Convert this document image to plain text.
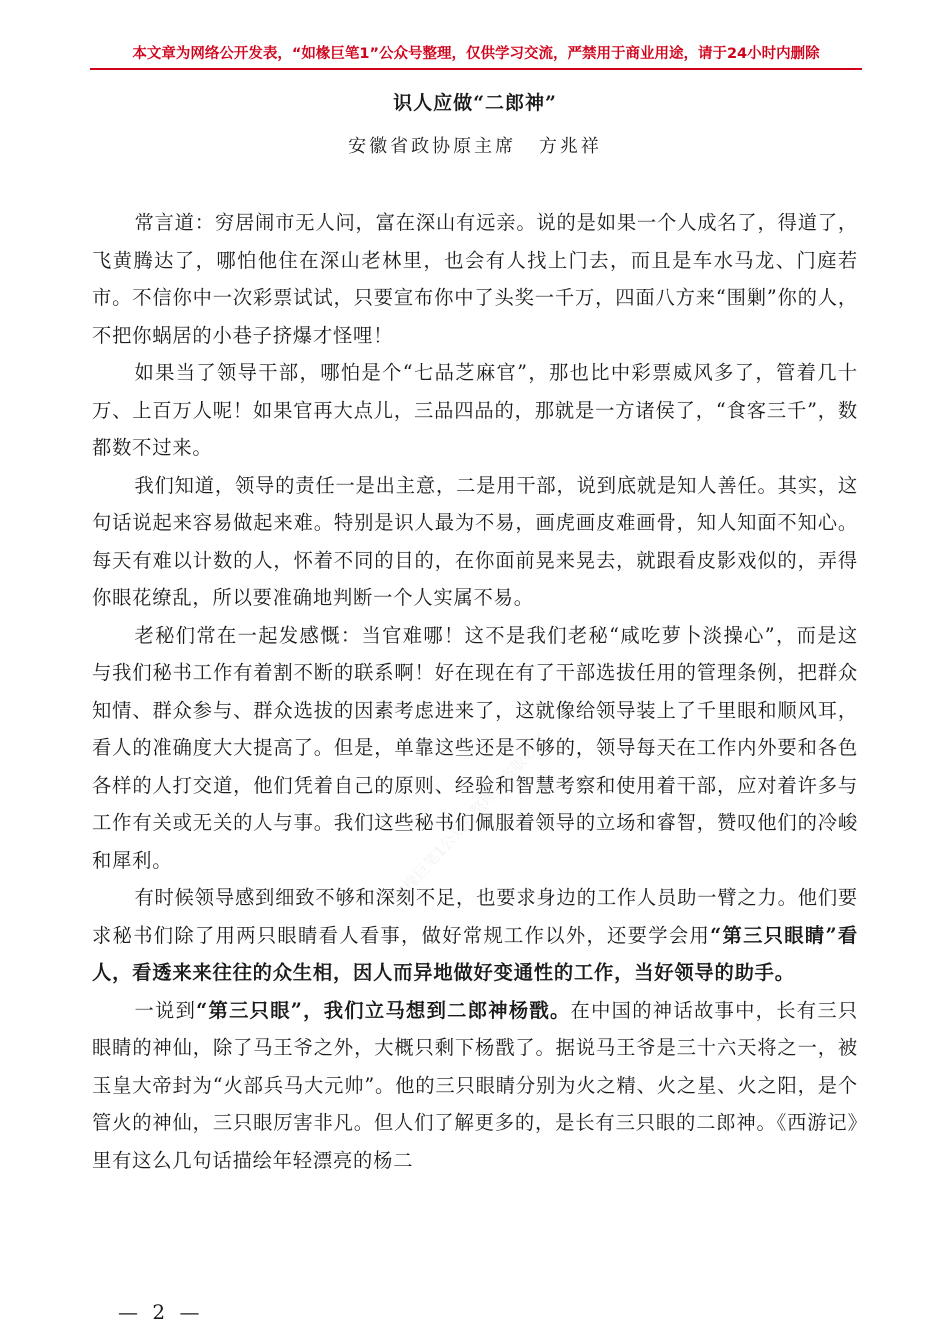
本文章为网络公开发表，“如椽巨笔1”公众号整理，仅供学习交流，严禁用于商业用途，请于24小时内删除
识人应做“二郎神”
安徽省政协原主席 方兆祥
如椽巨笔1公众号整理，盗版必究

常言道：穷居闹市无人问，富在深山有远亲。说的是如果一个人成名了，得道了，飞黄腾达了，哪怕他住在深山老林里，也会有人找上门去，而且是车水马龙、门庭若市。不信你中一次彩票试试，只要宣布你中了头奖一千万，四面八方来“围剿”你的人，不把你蜗居的小巷子挤爆才怪哩！

如果当了领导干部，哪怕是个“七品芝麻官”，那也比中彩票威风多了，管着几十万、上百万人呢！如果官再大点儿，三品四品的，那就是一方诸侯了，“食客三千”，数都数不过来。

我们知道，领导的责任一是出主意，二是用干部，说到底就是知人善任。其实，这句话说起来容易做起来难。特别是识人最为不易，画虎画皮难画骨，知人知面不知心。每天有难以计数的人，怀着不同的目的，在你面前晃来晃去，就跟看皮影戏似的，弄得你眼花缭乱，所以要准确地判断一个人实属不易。

老秘们常在一起发感慨：当官难哪！这不是我们老秘“咸吃萝卜淡操心”，而是这与我们秘书工作有着割不断的联系啊！好在现在有了干部选拔任用的管理条例，把群众知情、群众参与、群众选拔的因素考虑进来了，这就像给领导装上了千里眼和顺风耳，看人的准确度大大提高了。但是，单靠这些还是不够的，领导每天在工作内外要和各色各样的人打交道，他们凭着自己的原则、经验和智慧考察和使用着干部，应对着许多与工作有关或无关的人与事。我们这些秘书们佩服着领导的立场和睿智，赞叹他们的冷峻和犀利。

有时候领导感到细致不够和深刻不足，也要求身边的工作人员助一臂之力。他们要求秘书们除了用两只眼睛看人看事，做好常规工作以外，还要学会用“第三只眼睛”看人，看透来来往往的众生相，因人而异地做好变通性的工作，当好领导的助手。

一说到“第三只眼”，我们立马想到二郎神杨戬。在中国的神话故事中，长有三只眼睛的神仙，除了马王爷之外，大概只剩下杨戬了。据说马王爷是三十六天将之一，被玉皇大帝封为“火部兵马大元帅”。他的三只眼睛分别为火之精、火之星、火之阳，是个管火的神仙，三只眼厉害非凡。但人们了解更多的，是长有三只眼的二郎神。《西游记》里有这么几句话描绘年轻漂亮的杨二

— 2 —
